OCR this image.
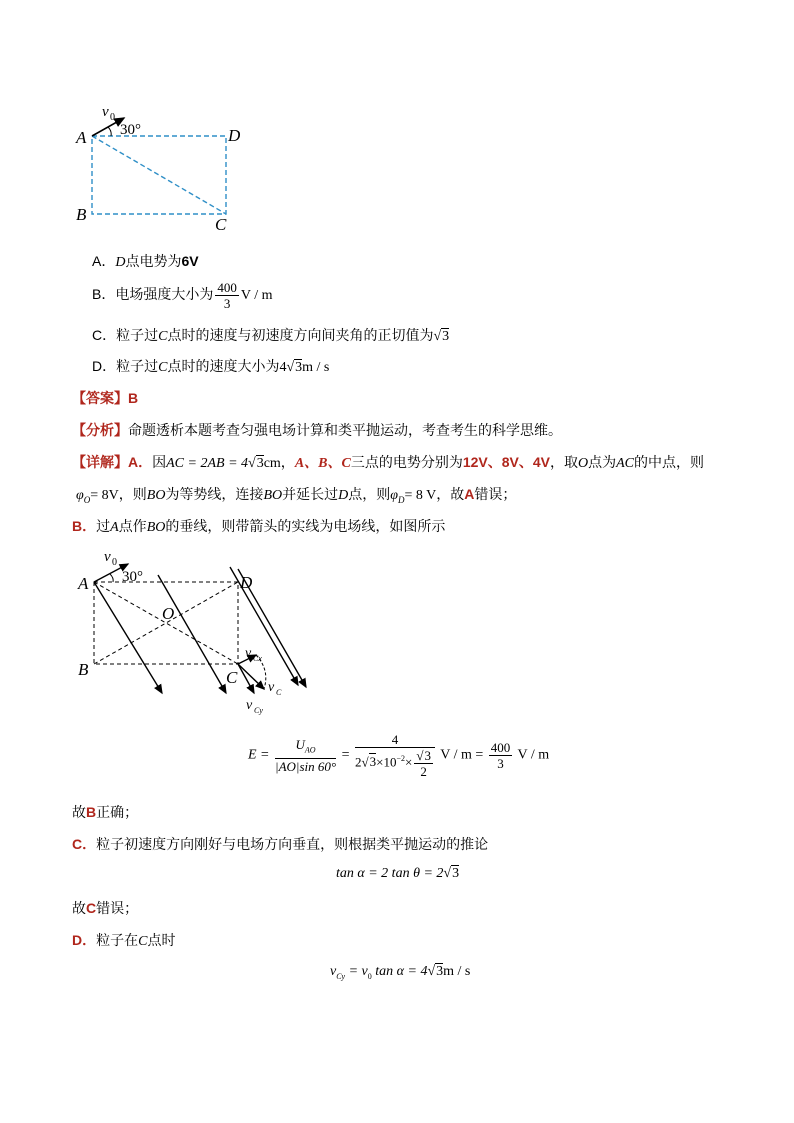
A
B
C
D
v 0
30°
A．D点电势为6V
B．电场强度大小为 $\frac{400}{3}$ V / m
C．粒子过C点时的速度与初速度方向间夹角的正切值为√3
D．粒子过C点时的速度大小为4√3m / s
【答案】B
【分析】命题透析本题考查匀强电场计算和类平抛运动，考查考生的科学思维。
【详解】A．因AC = 2AB = 4√3cm，A、B、C三点的电势分别为12V、8V、4V，取O点为AC的中点，则
$\varphi_O= 8V$，则BO为等势线，连接BO并延长过D点，则$\varphi_D= 8$ V，故A错误；
B．过A点作BO的垂线，则带箭头的实线为电场线，如图所示
A
B	C
D
O
v 0
30°
v Cx
v C
v Cy
$E = \frac{U_{AO}}{|AO|\sin 60^\circ} = \frac{4}{2√3\times 10^{-2}\times \frac{√3}{2}}$ $V / m = \frac{400}{3}$ V / m
故B正确；
C．粒子初速度方向刚好与电场方向垂直，则根据类平抛运动的推论
tan α = 2 tan θ = 2√3
故C错误；
D．粒子在C点时
$v_{Cy} = v_0$ tan α = 4√3m / s
